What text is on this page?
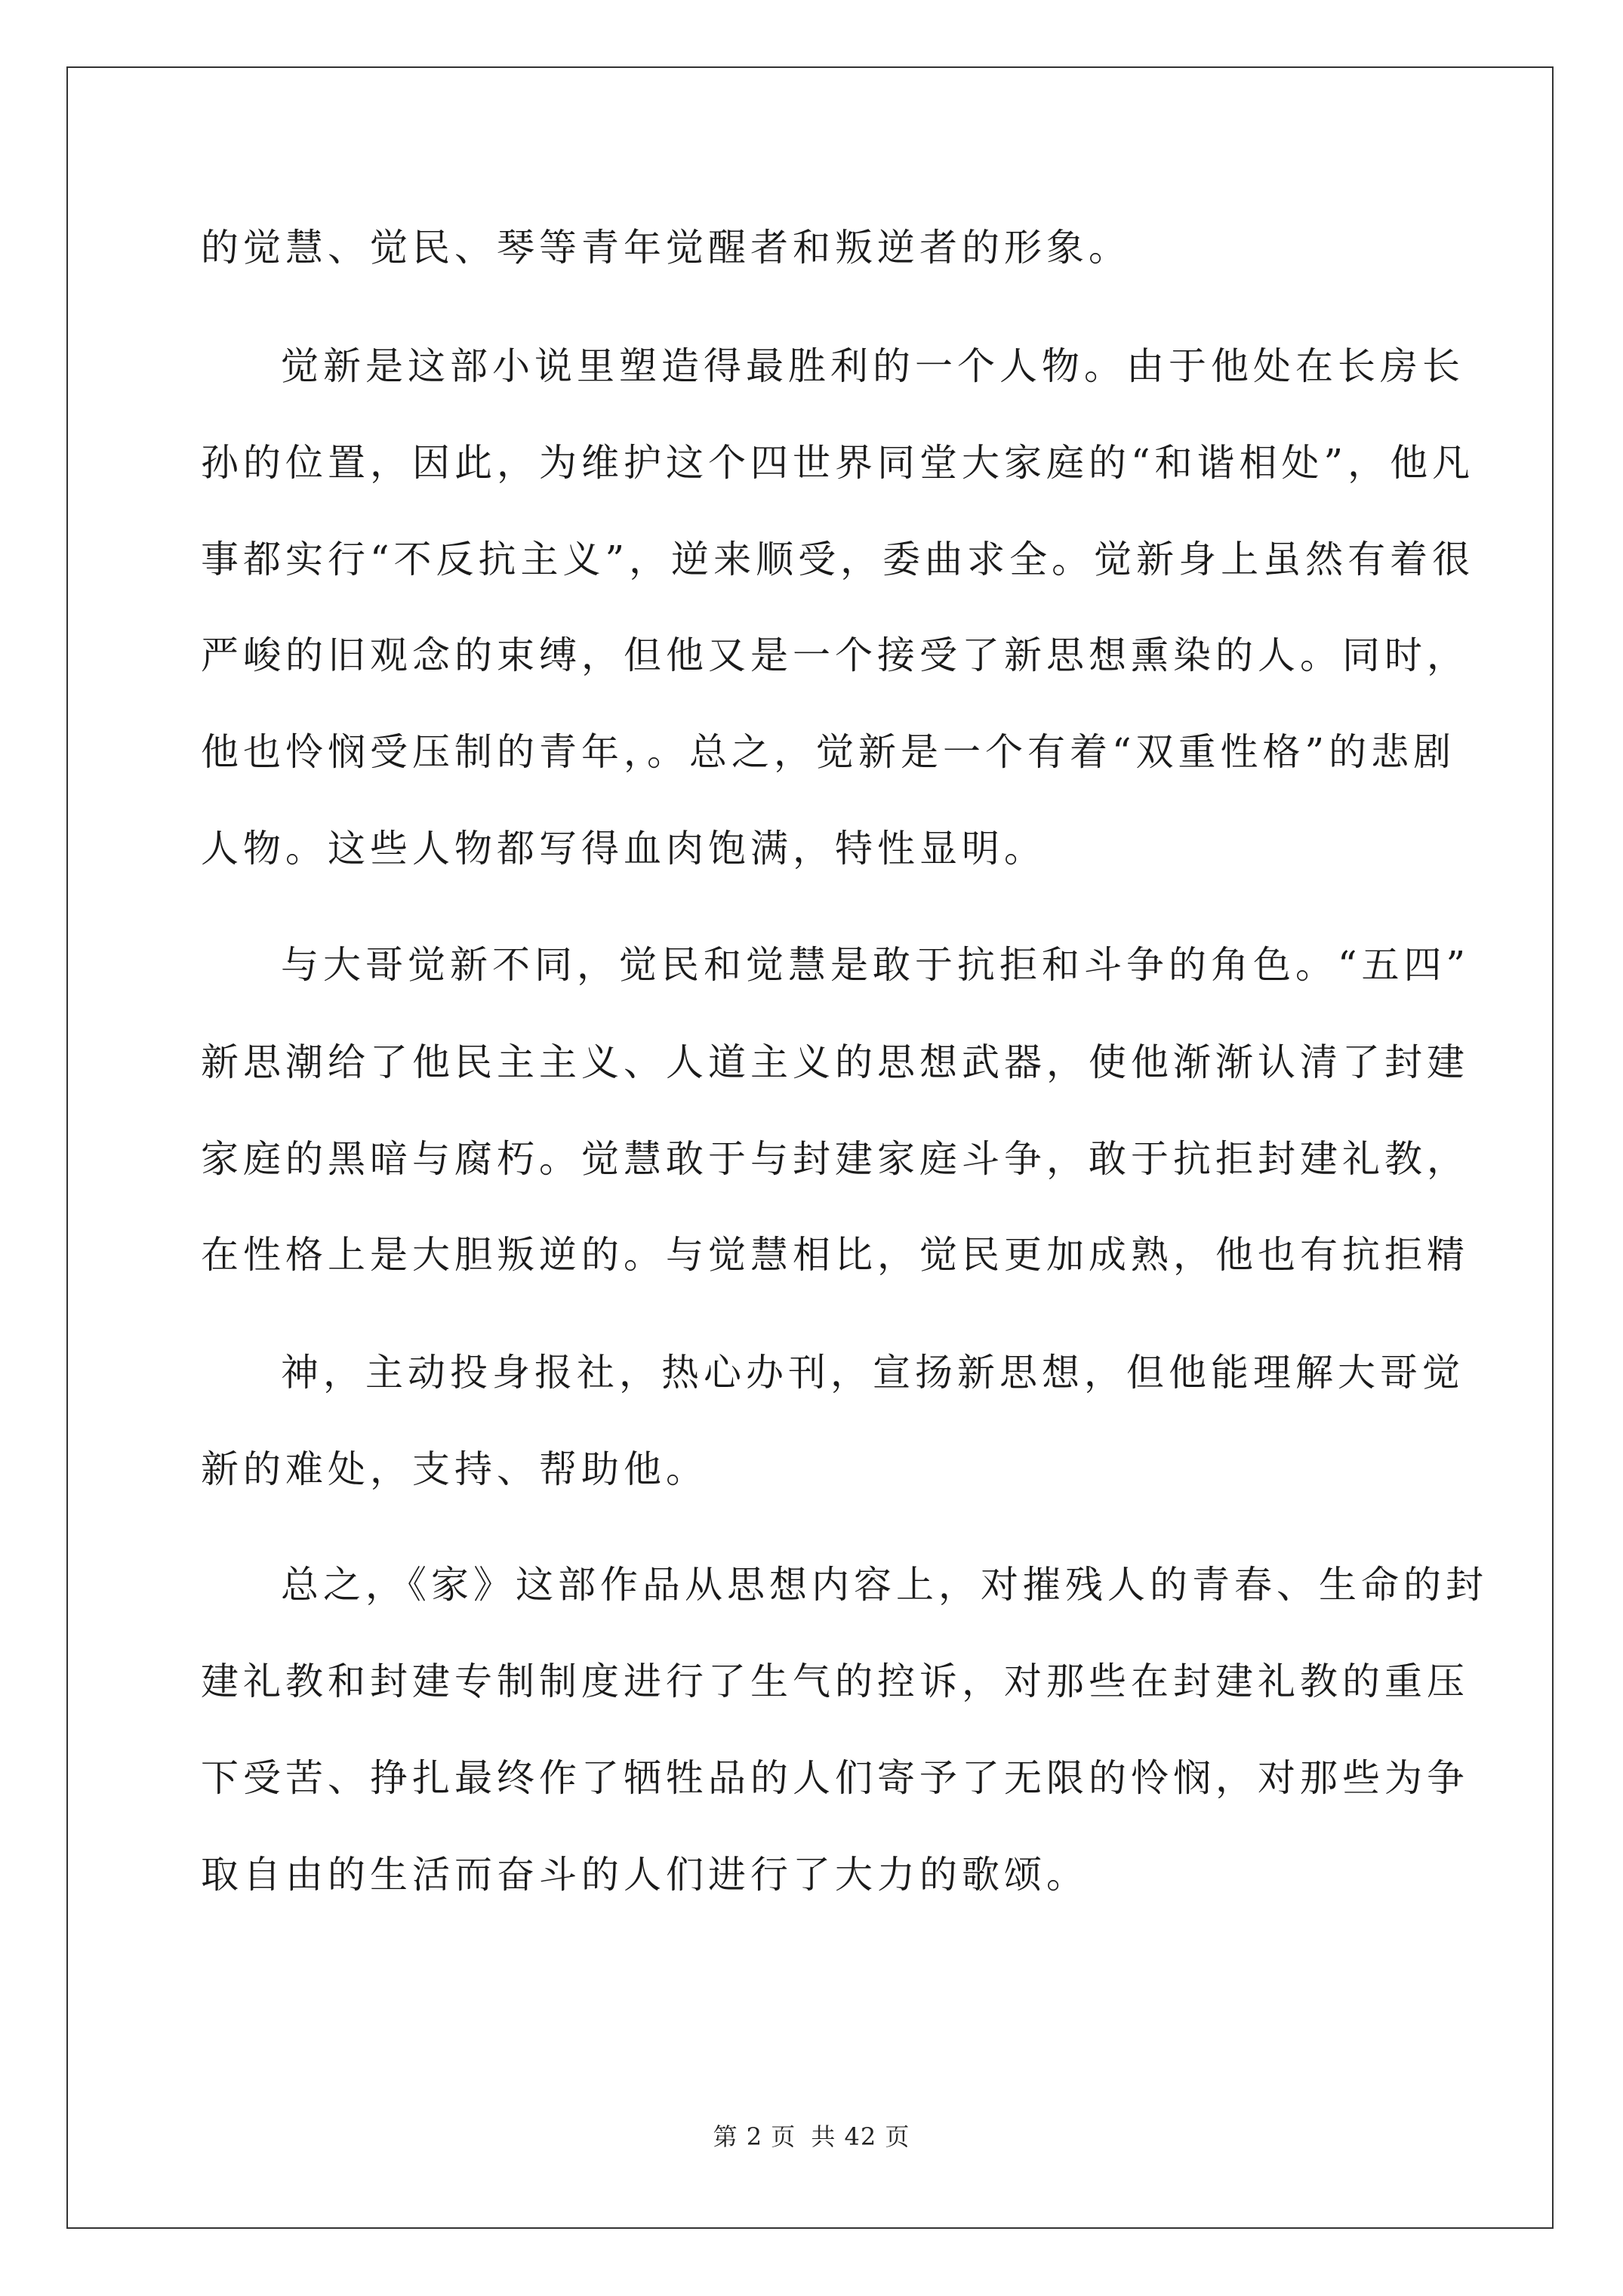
的觉慧、觉民、琴等青年觉醒者和叛逆者的形象。
觉新是这部小说里塑造得最胜利的一个人物。由于他处在长房长
孙的位置，因此，为维护这个四世界同堂大家庭的“和谐相处”，他凡
事都实行“不反抗主义”，逆来顺受，委曲求全。觉新身上虽然有着很
严峻的旧观念的束缚，但他又是一个接受了新思想熏染的人。同时，
他也怜悯受压制的青年，。总之，觉新是一个有着“双重性格”的悲剧
人物。这些人物都写得血肉饱满，特性显明。
与大哥觉新不同，觉民和觉慧是敢于抗拒和斗争的角色。“五四”
新思潮给了他民主主义、人道主义的思想武器，使他渐渐认清了封建
家庭的黑暗与腐朽。觉慧敢于与封建家庭斗争，敢于抗拒封建礼教，
在性格上是大胆叛逆的。与觉慧相比，觉民更加成熟，他也有抗拒精
神，主动投身报社，热心办刊，宣扬新思想，但他能理解大哥觉
新的难处，支持、帮助他。
总之，《家》这部作品从思想内容上，对摧残人的青春、生命的封
建礼教和封建专制制度进行了生气的控诉，对那些在封建礼教的重压
下受苦、挣扎最终作了牺牲品的人们寄予了无限的怜悯，对那些为争
取自由的生活而奋斗的人们进行了大力的歌颂。
第 2 页 共 42 页
